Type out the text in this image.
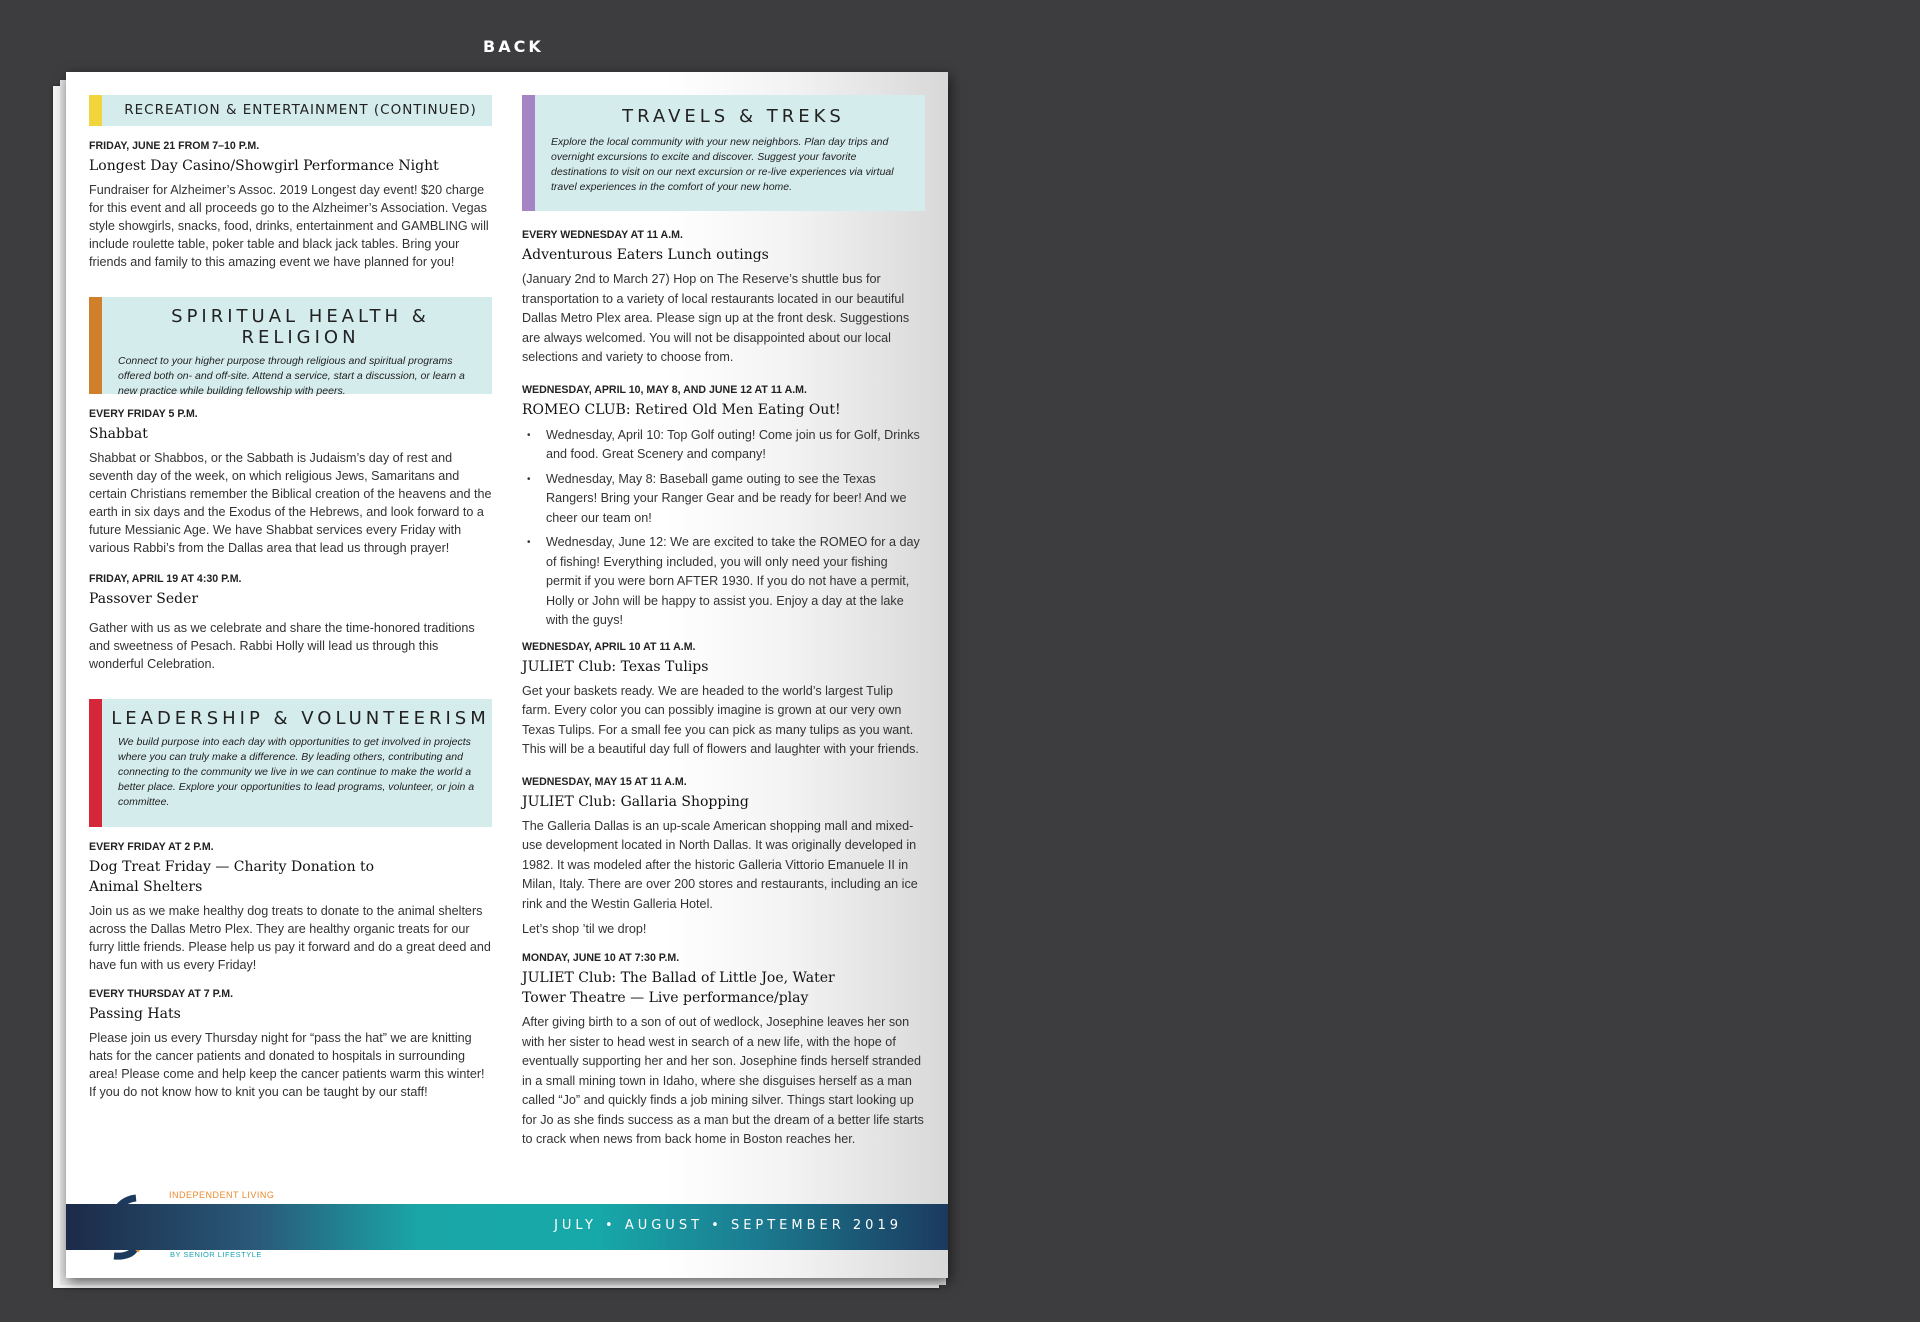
BACK
RECREATION & ENTERTAINMENT (CONTINUED)
FRIDAY, JUNE 21 FROM 7–10 P.M.
Longest Day Casino/Showgirl Performance Night
Fundraiser for Alzheimer’s Assoc. 2019 Longest day event! $20 charge for this event and all proceeds go to the Alzheimer’s Association. Vegas style showgirls, snacks, food, drinks, entertainment and GAMBLING will include roulette table, poker table and black jack tables. Bring your friends and family to this amazing event we have planned for you!
SPIRITUAL HEALTH & RELIGION
Connect to your higher purpose through religious and spiritual programs offered both on- and off-site. Attend a service, start a discussion, or learn a new practice while building fellowship with peers.
EVERY FRIDAY 5 P.M.
Shabbat
Shabbat or Shabbos, or the Sabbath is Judaism’s day of rest and seventh day of the week, on which religious Jews, Samaritans and certain Christians remember the Biblical creation of the heavens and the earth in six days and the Exodus of the Hebrews, and look forward to a future Messianic Age. We have Shabbat services every Friday with various Rabbi’s from the Dallas area that lead us through prayer!
FRIDAY, APRIL 19 AT 4:30 P.M.
Passover Seder
Gather with us as we celebrate and share the time-honored traditions and sweetness of Pesach. Rabbi Holly will lead us through this wonderful Celebration.
LEADERSHIP & VOLUNTEERISM
We build purpose into each day with opportunities to get involved in projects where you can truly make a difference. By leading others, contributing and connecting to the community we live in we can continue to make the world a better place. Explore your opportunities to lead programs, volunteer, or join a committee.
EVERY FRIDAY AT 2 P.M.
Dog Treat Friday — Charity Donation to Animal Shelters
Join us as we make healthy dog treats to donate to the animal shelters across the Dallas Metro Plex. They are healthy organic treats for our furry little friends. Please help us pay it forward and do a great deed and have fun with us every Friday!
EVERY THURSDAY AT 7 P.M.
Passing Hats
Please join us every Thursday night for “pass the hat” we are knitting hats for the cancer patients and donated to hospitals in surrounding area! Please come and help keep the cancer patients warm this winter! If you do not know how to knit you can be taught by our staff!
TRAVELS & TREKS
Explore the local community with your new neighbors. Plan day trips and overnight excursions to excite and discover. Suggest your favorite destinations to visit on our next excursion or re-live experiences via virtual travel experiences in the comfort of your new home.
EVERY WEDNESDAY AT 11 A.M.
Adventurous Eaters Lunch outings
(January 2nd to March 27) Hop on The Reserve’s shuttle bus for transportation to a variety of local restaurants located in our beautiful Dallas Metro Plex area. Please sign up at the front desk. Suggestions are always welcomed. You will not be disappointed about our local selections and variety to choose from.
WEDNESDAY, APRIL 10, MAY 8, AND JUNE 12 AT 11 A.M.
ROMEO CLUB: Retired Old Men Eating Out!
• Wednesday, April 10: Top Golf outing! Come join us for Golf, Drinks and food. Great Scenery and company!
• Wednesday, May 8: Baseball game outing to see the Texas Rangers! Bring your Ranger Gear and be ready for beer! And we cheer our team on!
• Wednesday, June 12: We are excited to take the ROMEO for a day of fishing! Everything included, you will only need your fishing permit if you were born AFTER 1930. If you do not have a permit, Holly or John will be happy to assist you. Enjoy a day at the lake with the guys!
WEDNESDAY, APRIL 10 AT 11 A.M.
JULIET Club: Texas Tulips
Get your baskets ready. We are headed to the world’s largest Tulip farm. Every color you can possibly imagine is grown at our very own Texas Tulips. For a small fee you can pick as many tulips as you want. This will be a beautiful day full of flowers and laughter with your friends.
WEDNESDAY, MAY 15 AT 11 A.M.
JULIET Club: Gallaria Shopping
The Galleria Dallas is an up-scale American shopping mall and mixed-use development located in North Dallas. It was originally developed in 1982. It was modeled after the historic Galleria Vittorio Emanuele II in Milan, Italy. There are over 200 stores and restaurants, including an ice rink and the Westin Galleria Hotel.
Let’s shop ’til we drop!
MONDAY, JUNE 10 AT 7:30 P.M.
JULIET Club: The Ballad of Little Joe, Water Tower Theatre — Live performance/play
After giving birth to a son of out of wedlock, Josephine leaves her son with her sister to head west in search of a new life, with the hope of eventually supporting her and her son. Josephine finds herself stranded in a small mining town in Idaho, where she disguises herself as a man called “Jo” and quickly finds a job mining silver. Things start looking up for Jo as she finds success as a man but the dream of a better life starts to crack when news from back home in Boston reaches her.
INDEPENDENT LIVING
BY SENIOR LIFESTYLE
JULY • AUGUST • SEPTEMBER 2019
